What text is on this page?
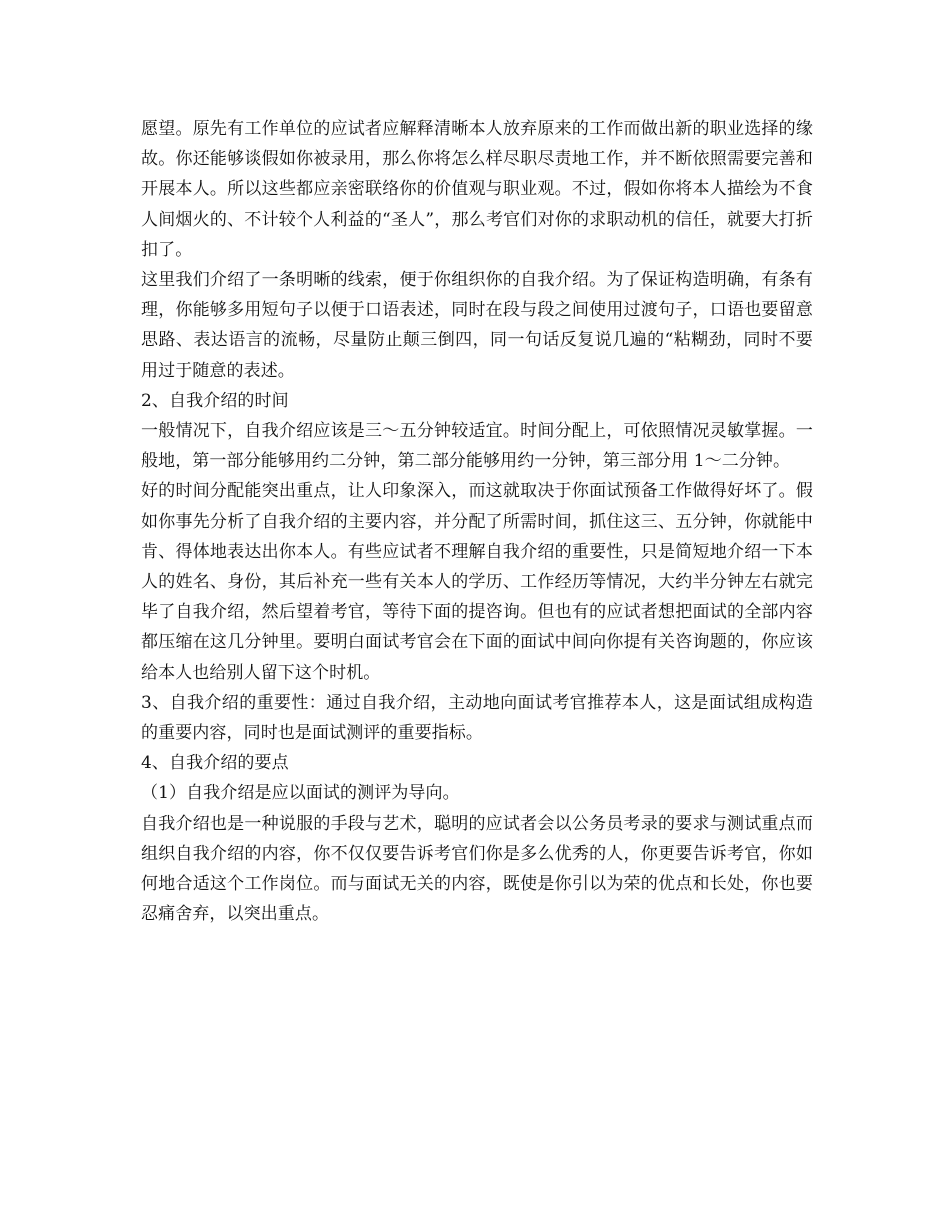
愿望。原先有工作单位的应试者应解释清晰本人放弃原来的工作而做出新的职业选择的缘故。你还能够谈假如你被录用，那么你将怎么样尽职尽责地工作，并不断依照需要完善和开展本人。所以这些都应亲密联络你的价值观与职业观。不过，假如你将本人描绘为不食人间烟火的、不计较个人利益的“圣人”，那么考官们对你的求职动机的信任，就要大打折扣了。

这里我们介绍了一条明晰的线索，便于你组织你的自我介绍。为了保证构造明确，有条有理，你能够多用短句子以便于口语表述，同时在段与段之间使用过渡句子，口语也要留意思路、表达语言的流畅，尽量防止颠三倒四，同一句话反复说几遍的“粘糊劲，同时不要用过于随意的表述。

2、自我介绍的时间

一般情况下，自我介绍应该是三～五分钟较适宜。时间分配上，可依照情况灵敏掌握。一般地，第一部分能够用约二分钟，第二部分能够用约一分钟，第三部分用 1～二分钟。

好的时间分配能突出重点，让人印象深入，而这就取决于你面试预备工作做得好坏了。假如你事先分析了自我介绍的主要内容，并分配了所需时间，抓住这三、五分钟，你就能中肯、得体地表达出你本人。有些应试者不理解自我介绍的重要性，只是简短地介绍一下本人的姓名、身份，其后补充一些有关本人的学历、工作经历等情况，大约半分钟左右就完毕了自我介绍，然后望着考官，等待下面的提咨询。但也有的应试者想把面试的全部内容都压缩在这几分钟里。要明白面试考官会在下面的面试中间向你提有关咨询题的，你应该给本人也给别人留下这个时机。

3、自我介绍的重要性：通过自我介绍，主动地向面试考官推荐本人，这是面试组成构造的重要内容，同时也是面试测评的重要指标。

4、自我介绍的要点

（1）自我介绍是应以面试的测评为导向。

自我介绍也是一种说服的手段与艺术，聪明的应试者会以公务员考录的要求与测试重点而组织自我介绍的内容，你不仅仅要告诉考官们你是多么优秀的人，你更要告诉考官，你如何地合适这个工作岗位。而与面试无关的内容，既使是你引以为荣的优点和长处，你也要忍痛舍弃，以突出重点。
